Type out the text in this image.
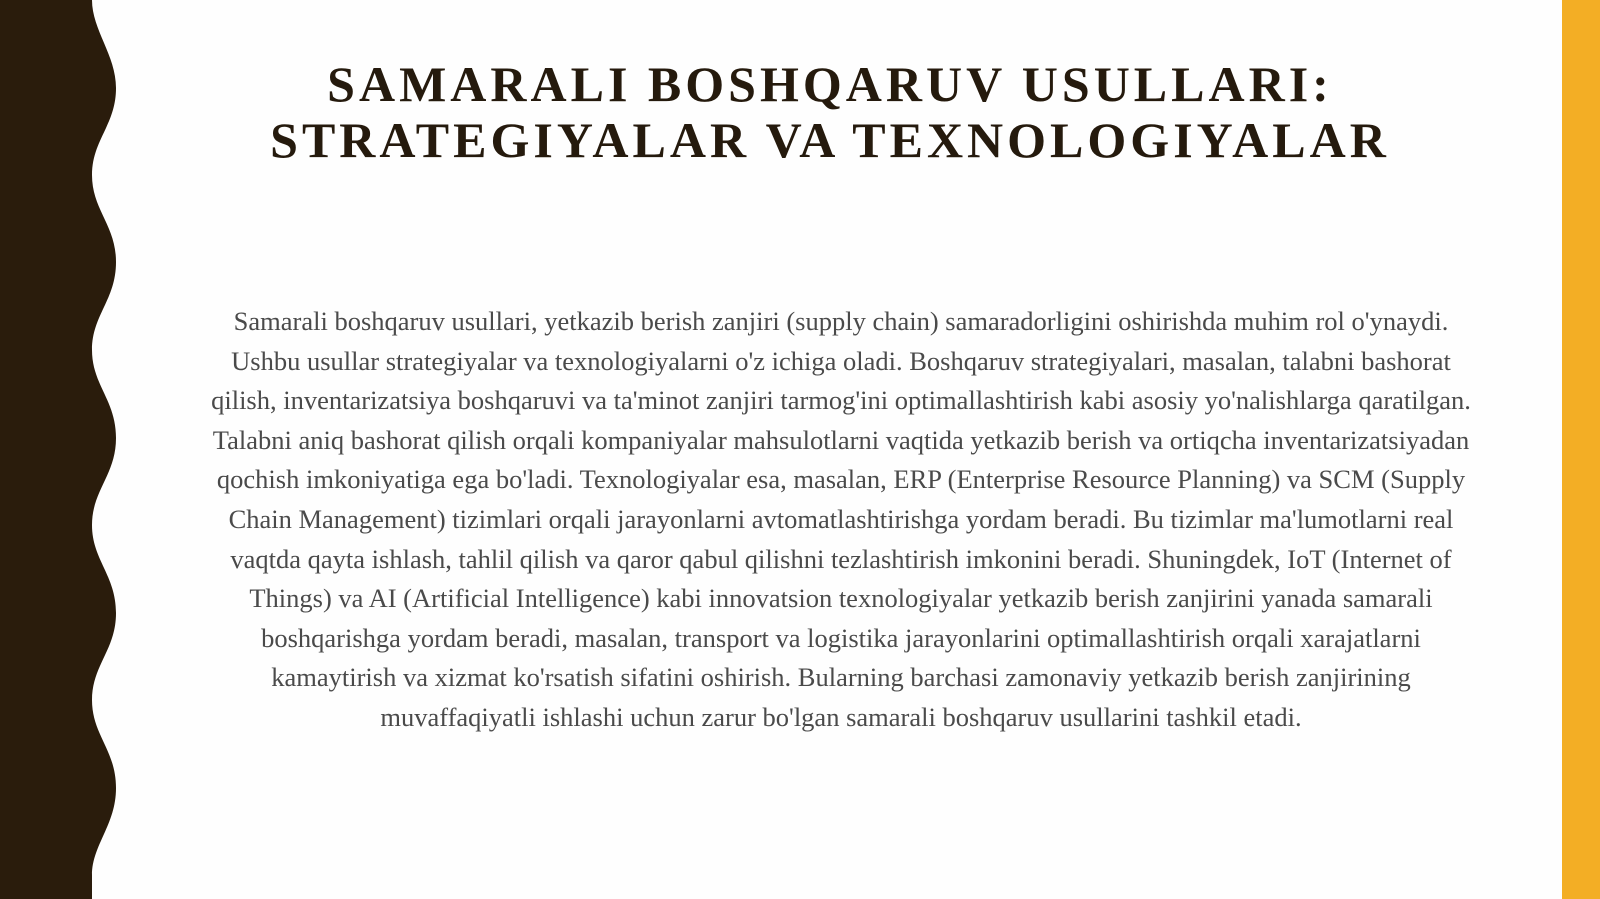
SAMARALI BOSHQARUV USULLARI:
STRATEGIYALAR VA TEXNOLOGIYALAR

Samarali boshqaruv usullari, yetkazib berish zanjiri (supply chain) samaradorligini oshirishda muhim rol o'ynaydi. Ushbu usullar strategiyalar va texnologiyalarni o'z ichiga oladi. Boshqaruv strategiyalari, masalan, talabni bashorat qilish, inventarizatsiya boshqaruvi va ta'minot zanjiri tarmog'ini optimallashtirish kabi asosiy yo'nalishlarga qaratilgan. Talabni aniq bashorat qilish orqali kompaniyalar mahsulotlarni vaqtida yetkazib berish va ortiqcha inventarizatsiyadan qochish imkoniyatiga ega bo'ladi. Texnologiyalar esa, masalan, ERP (Enterprise Resource Planning) va SCM (Supply Chain Management) tizimlari orqali jarayonlarni avtomatlashtirishga yordam beradi. Bu tizimlar ma'lumotlarni real vaqtda qayta ishlash, tahlil qilish va qaror qabul qilishni tezlashtirish imkonini beradi. Shuningdek, IoT (Internet of Things) va AI (Artificial Intelligence) kabi innovatsion texnologiyalar yetkazib berish zanjirini yanada samarali boshqarishga yordam beradi, masalan, transport va logistika jarayonlarini optimallashtirish orqali xarajatlarni kamaytirish va xizmat ko'rsatish sifatini oshirish. Bularning barchasi zamonaviy yetkazib berish zanjirining muvaffaqiyatli ishlashi uchun zarur bo'lgan samarali boshqaruv usullarini tashkil etadi.
